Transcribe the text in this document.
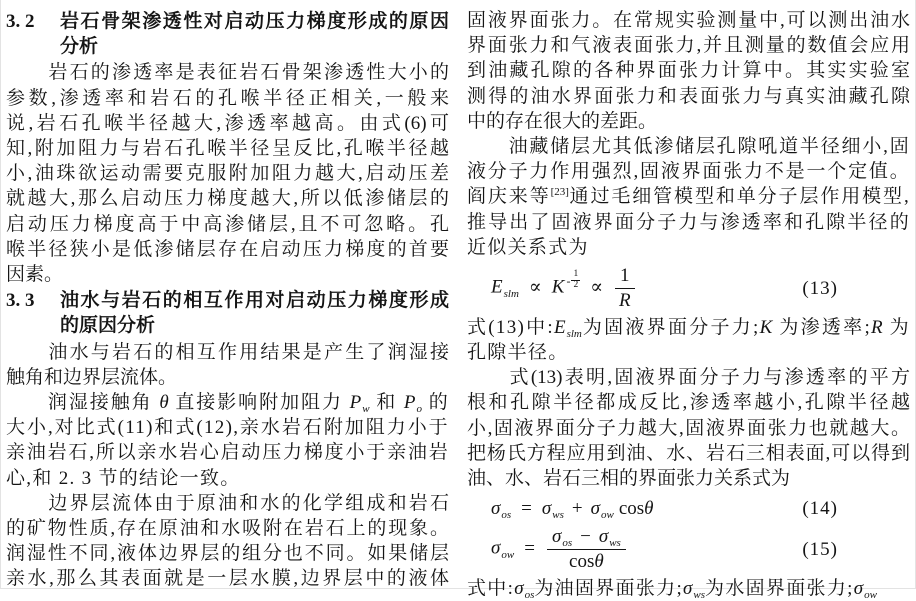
3. 2	岩石骨架渗透性对启动压力梯度形成的原因
分析
　　岩石的渗透率是表征岩石骨架渗透性大小的
参数,渗透率和岩石的孔喉半径正相关,一般来
说,岩石孔喉半径越大,渗透率越高。由式(6)可
知,附加阻力与岩石孔喉半径呈反比,孔喉半径越
小,油珠欲运动需要克服附加阻力越大,启动压差
就越大,那么启动压力梯度越大,所以低渗储层的
启动压力梯度高于中高渗储层,且不可忽略。孔
喉半径狭小是低渗储层存在启动压力梯度的首要
因素。
3. 3	油水与岩石的相互作用对启动压力梯度形成
的原因分析
　　油水与岩石的相互作用结果是产生了润湿接
触角和边界层流体。
　　润湿接触角 θ 直接影响附加阻力 $P_w$ 和 $P_o$ 的大小,对比式(11)和式(12),亲水岩石附加阻力小于亲油岩石,所以亲水岩心启动压力梯度小于亲油岩心,和 2. 3 节的结论一致。
　　边界层流体由于原油和水的化学组成和岩石
的矿物性质,存在原油和水吸附在岩石上的现象。
润湿性不同,液体边界层的组分也不同。如果储层
亲水,那么其表面就是一层水膜,边界层中的液体
固液界面张力。在常规实验测量中,可以测出油水
界面张力和气液表面张力,并且测量的数值会应用
到油藏孔隙的各种界面张力计算中。其实实验室
测得的油水界面张力和表面张力与真实油藏孔隙
中的存在很大的差距。
　　油藏储层尤其低渗储层孔隙吼道半径细小,固液分子力作用强烈,固液界面张力不是一个定值。阎庆来等[23]通过毛细管模型和单分子层作用模型,推导出了固液界面分子力与渗透率和孔隙半径的近似关系式为
$E_{slm} \propto K - \frac{1}{2} \propto \frac{1}{R}$	(13)
式(13)中$:E_{slm}$为固液界面分子力;K 为渗透率;R 为孔隙半径。
　　式(13)表明,固液界面分子力与渗透率的平方
根和孔隙半径都成反比,渗透率越小,孔隙半径越
小,固液界面分子力越大,固液界面张力也就越大。
把杨氏方程应用到油、水、岩石三相表面,可以得到
油、水、岩石三相的界面张力关系式为
$\sigma_{os} = \sigma_{ws} + \sigma_{ow}$ cosθ	(14)
$\sigma_{ow} = \frac{\sigma_{os} - \sigma_{ws}}{\cos\theta}$	(15)
式中$:\sigma_{os}$为油固界面张力$;\sigma_{ws}$为水固界面张力$;\sigma_{ow}$
